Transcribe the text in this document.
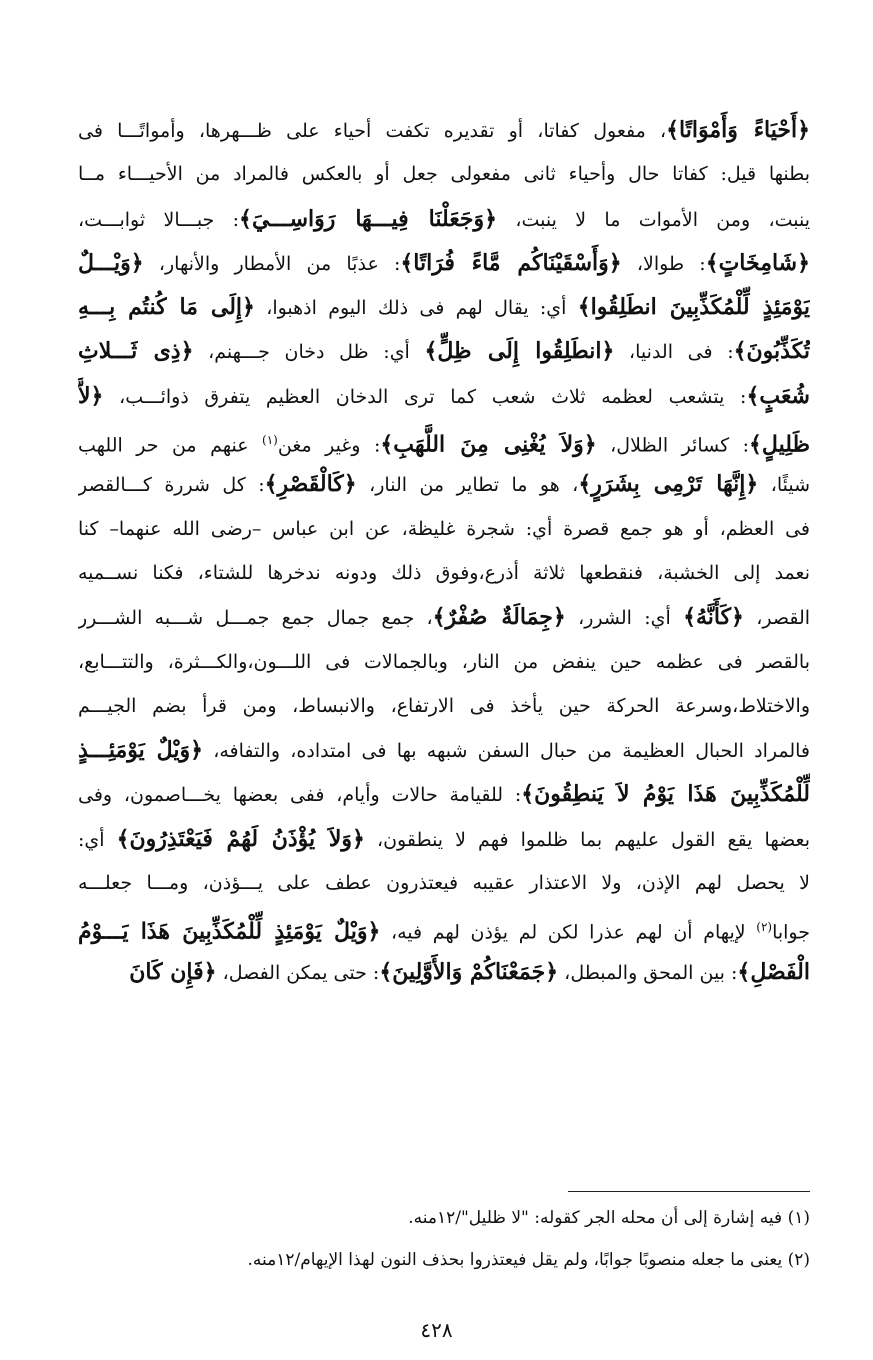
﴿أَحْيَاءً وَأَمْوَاتًا﴾، مفعول كفاتا، أو تقديره تكفت أحياء على ظـــهرها، وأمواتًـــا فى
بطنها قيل: كفاتا حال وأحياء ثانى مفعولى جعل أو بالعكس فالمراد من الأحيـــاء مــا
ينبت، ومن الأموات ما لا ينبت، ﴿وَجَعَلْنَا فِيـــهَا رَوَاسِـــيَ﴾: جبـــالا ثوابـــت،
﴿شَامِخَاتٍ﴾: طوالا، ﴿وَأَسْقَيْنَاكُم مَّاءً فُرَاتًا﴾: عذبًا من الأمطار والأنهار، ﴿وَيْـــلٌ
يَوْمَئِذٍ لِّلْمُكَذِّبِينَ انطَلِقُوا﴾ أي: يقال لهم فى ذلك اليوم اذهبوا، ﴿إِلَى مَا كُنتُم بِـــهِ
تُكَذِّبُونَ﴾: فى الدنيا، ﴿انطَلِقُوا إِلَى ظِلٍّ﴾ أي: ظل دخان جـــهنم، ﴿ذِى ثَـــلاثِ
شُعَبٍ﴾: يتشعب لعظمه ثلاث شعب كما ترى الدخان العظيم يتفرق ذوائـــب، ﴿لاَّ
ظَلِيلٍ﴾: كسائر الظلال، ﴿وَلاَ يُغْنِى مِنَ اللَّهَبِ﴾: وغير مغن$^{(١)}$ عنهم من حر اللهب
شيئًا، ﴿إِنَّهَا تَرْمِى بِشَرَرٍ﴾، هو ما تطاير من النار، ﴿كَالْقَصْرِ﴾: كل شررة كـــالقصر
فى العظم، أو هو جمع قصرة أي: شجرة غليظة، عن ابن عباس –رضى الله عنهما– كنا
نعمد إلى الخشبة، فنقطعها ثلاثة أذرع،وفوق ذلك ودونه ندخرها للشتاء، فكنا نســميه
القصر، ﴿كَأَنَّهُ﴾ أي: الشرر، ﴿جِمَالَةٌ صُفْرٌ﴾، جمع جمال جمع جمـــل شـــبه الشـــرر
بالقصر فى عظمه حين ينفض من النار، وبالجمالات فى اللـــون،والكـــثرة، والتتـــابع،
والاختلاط،وسرعة الحركة حين يأخذ فى الارتفاع، والانبساط، ومن قرأ بضم الجيـــم
فالمراد الحبال العظيمة من حبال السفن شبهه بها فى امتداده، والتفافه، ﴿وَيْلٌ يَوْمَئِـــذٍ
لِّلْمُكَذِّبِينَ هَذَا يَوْمُ لاَ يَنطِقُونَ﴾: للقيامة حالات وأيام، ففى بعضها يخـــاصمون، وفى
بعضها يقع القول عليهم بما ظلموا فهم لا ينطقون، ﴿وَلاَ يُؤْذَنُ لَهُمْ فَيَعْتَذِرُونَ﴾ أي:
لا يحصل لهم الإذن، ولا الاعتذار عقيبه فيعتذرون عطف على يـــؤذن، ومـــا جعلـــه
جوابا$^{(٢)}$ لإيهام أن لهم عذرا لكن لم يؤذن لهم فيه، ﴿وَيْلٌ يَوْمَئِذٍ لِّلْمُكَذِّبِينَ هَذَا يَـــوْمُ
الْفَصْلِ﴾: بين المحق والمبطل، ﴿جَمَعْنَاكُمْ وَالأَوَّلِينَ﴾: حتى يمكن الفصل، ﴿فَإِن كَانَ
(١) فيه إشارة إلى أن محله الجر كقوله: "لا ظليل"/١٢منه.
(٢) يعنى ما جعله منصوبًا جوابًا، ولم يقل فيعتذروا بحذف النون لهذا الإيهام/١٢منه.
٤٢٨
